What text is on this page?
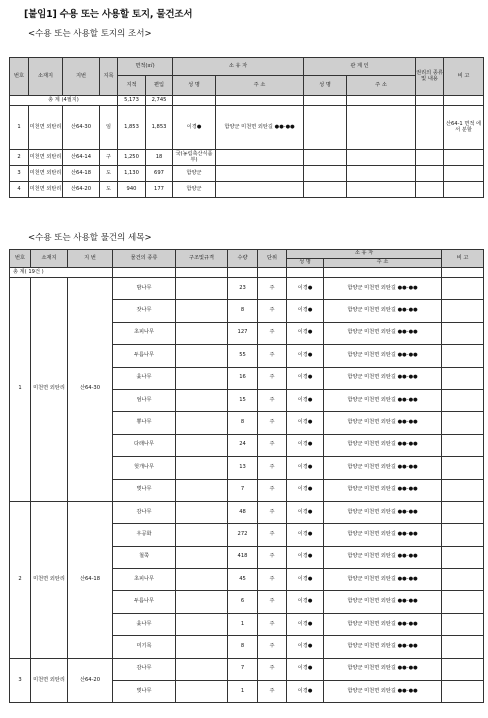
[붙임1] 수용 또는 사용할 토지, 물건조서
<수용 또는 사용할 토지의 조서>
번호	소재지	지번	지목	면적(㎡)		소 유 자		관 계 인		권리의 종류 및 내용	비 고
				지적	편입	성 명	주 소	성 명	주 소		
총 계 (4필지)				5,173	2,745						
1	미천면 외탄리	산64-30	임	1,853	1,853	이경●	함양군 미천면 외탄길 ●●-●●				산64-1 면적 에서 분할
2	미천면 외탄리	산64-14	구	1,250	18	국(농림축산식품부)					
3	미천면 외탄리	산64-18	도	1,130	697	함양군					
4	미천면 외탄리	산64-20	도	940	177	함양군					
<수용 또는 사용할 물건의 세목>
번호	소재지	지 번	물건의 종류	구조및규격	수량	단위	소 유 자		비 고
							성 명	주 소	
총 계( 19건 )									
1	미천면 외탄리	산64-30	밤나무		23	주	이경●	함양군 미천면 외탄길 ●●-●●	
			잣나무		8	주	이경●	함양군 미천면 외탄길 ●●-●●	
			초피나무		127	주	이경●	함양군 미천면 외탄길 ●●-●●	
			두릅나무		55	주	이경●	함양군 미천면 외탄길 ●●-●●	
			옻나무		16	주	이경●	함양군 미천면 외탄길 ●●-●●	
			엄나무		15	주	이경●	함양군 미천면 외탄길 ●●-●●	
			뽕나무		8	주	이경●	함양군 미천면 외탄길 ●●-●●	
			다래나무		24	주	이경●	함양군 미천면 외탄길 ●●-●●	
			헛개나무		13	주	이경●	함양군 미천면 외탄길 ●●-●●	
			벚나무		7	주	이경●	함양군 미천면 외탄길 ●●-●●	
2	미천면 외탄리	산64-18	감나무		48	주	이경●	함양군 미천면 외탄길 ●●-●●	
			우공화		272	주	이경●	함양군 미천면 외탄길 ●●-●●	
			철쭉		418	주	이경●	함양군 미천면 외탄길 ●●-●●	
			초피나무		45	주	이경●	함양군 미천면 외탄길 ●●-●●	
			두릅나무		6	주	이경●	함양군 미천면 외탄길 ●●-●●	
			옻나무		1	주	이경●	함양군 미천면 외탄길 ●●-●●	
			미기목		8	주	이경●	함양군 미천면 외탄길 ●●-●●	
3	미천면 외탄리	산64-20	감나무		7	주	이경●	함양군 미천면 외탄길 ●●-●●	
			벚나무		1	주	이경●	함양군 미천면 외탄길 ●●-●●	
